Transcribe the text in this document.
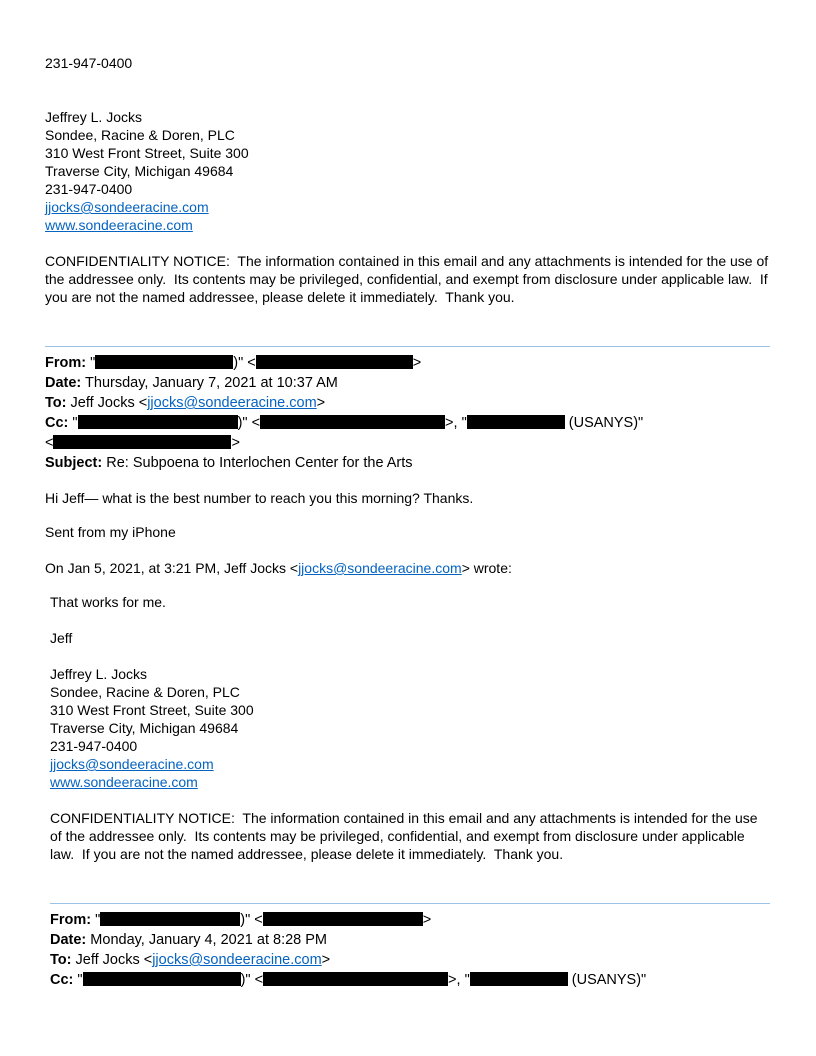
231-947-0400

Jeffrey L. Jocks

Sondee, Racine & Doren, PLC

310 West Front Street, Suite 300

Traverse City, Michigan 49684

231-947-0400

jjocks@sondeeracine.com

www.sondeeracine.com

CONFIDENTIALITY NOTICE:  The information contained in this email and any attachments is intended for the use of the addressee only.  Its contents may be privileged, confidential, and exempt from disclosure under applicable law.  If you are not the named addressee, please delete it immediately.  Thank you.

From: "	)" <	>

Date: Thursday, January 7, 2021 at 10:37 AM

To: Jeff Jocks <jjocks@sondeeracine.com>

Cc: "	)" <	>, "	(USANYS)"

<	>

Subject: Re: Subpoena to Interlochen Center for the Arts

Hi Jeff— what is the best number to reach you this morning? Thanks.

Sent from my iPhone

On Jan 5, 2021, at 3:21 PM, Jeff Jocks <jjocks@sondeeracine.com> wrote:

That works for me.

Jeff

Jeffrey L. Jocks

Sondee, Racine & Doren, PLC

310 West Front Street, Suite 300

Traverse City, Michigan 49684

231-947-0400

jjocks@sondeeracine.com

www.sondeeracine.com

CONFIDENTIALITY NOTICE:  The information contained in this email and any attachments is intended for the use of the addressee only.  Its contents may be privileged, confidential, and exempt from disclosure under applicable law.  If you are not the named addressee, please delete it immediately.  Thank you.

From: "	)" <	>

Date: Monday, January 4, 2021 at 8:28 PM

To: Jeff Jocks <jjocks@sondeeracine.com>

Cc: "	)" <	>, "	(USANYS)"
